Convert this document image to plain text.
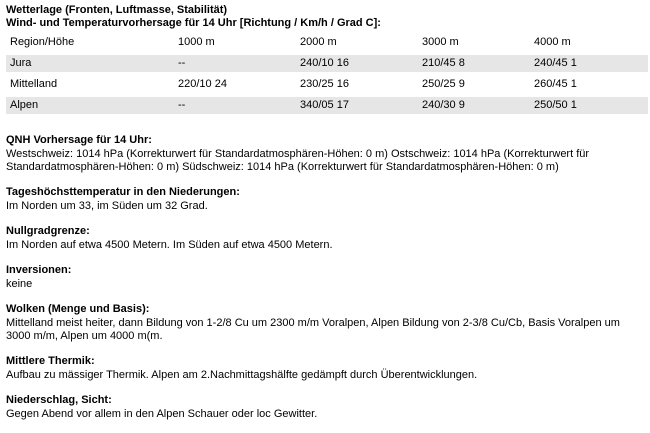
Wetterlage (Fronten, Luftmasse, Stabilität)
Wind- und Temperaturvorhersage für 14 Uhr [Richtung / Km/h / Grad C]:
Region/Höhe	1000 m	2000 m	3000 m	4000 m
Jura	--	240/10 16	210/45 8	240/45 1
Mittelland	220/10 24	230/25 16	250/25 9	260/45 1
Alpen	--	340/05 17	240/30 9	250/50 1
QNH Vorhersage für 14 Uhr:
Westschweiz: 1014 hPa (Korrekturwert für Standardatmosphären-Höhen: 0 m) Ostschweiz: 1014 hPa (Korrekturwert für Standardatmosphären-Höhen: 0 m) Südschweiz: 1014 hPa (Korrekturwert für Standardatmosphären-Höhen: 0 m)
Tageshöchsttemperatur in den Niederungen:
Im Norden um 33, im Süden um 32 Grad.
Nullgradgrenze:
Im Norden auf etwa 4500 Metern. Im Süden auf etwa 4500 Metern.
Inversionen:
keine
Wolken (Menge und Basis):
Mittelland meist heiter, dann Bildung von 1-2/8 Cu um 2300 m/m Voralpen, Alpen Bildung von 2-3/8 Cu/Cb, Basis Voralpen um 3000 m/m, Alpen um 4000 m(m.
Mittlere Thermik:
Aufbau zu mässiger Thermik. Alpen am 2.Nachmittagshälfte gedämpft durch Überentwicklungen.
Niederschlag, Sicht:
Gegen Abend vor allem in den Alpen Schauer oder loc Gewitter.
